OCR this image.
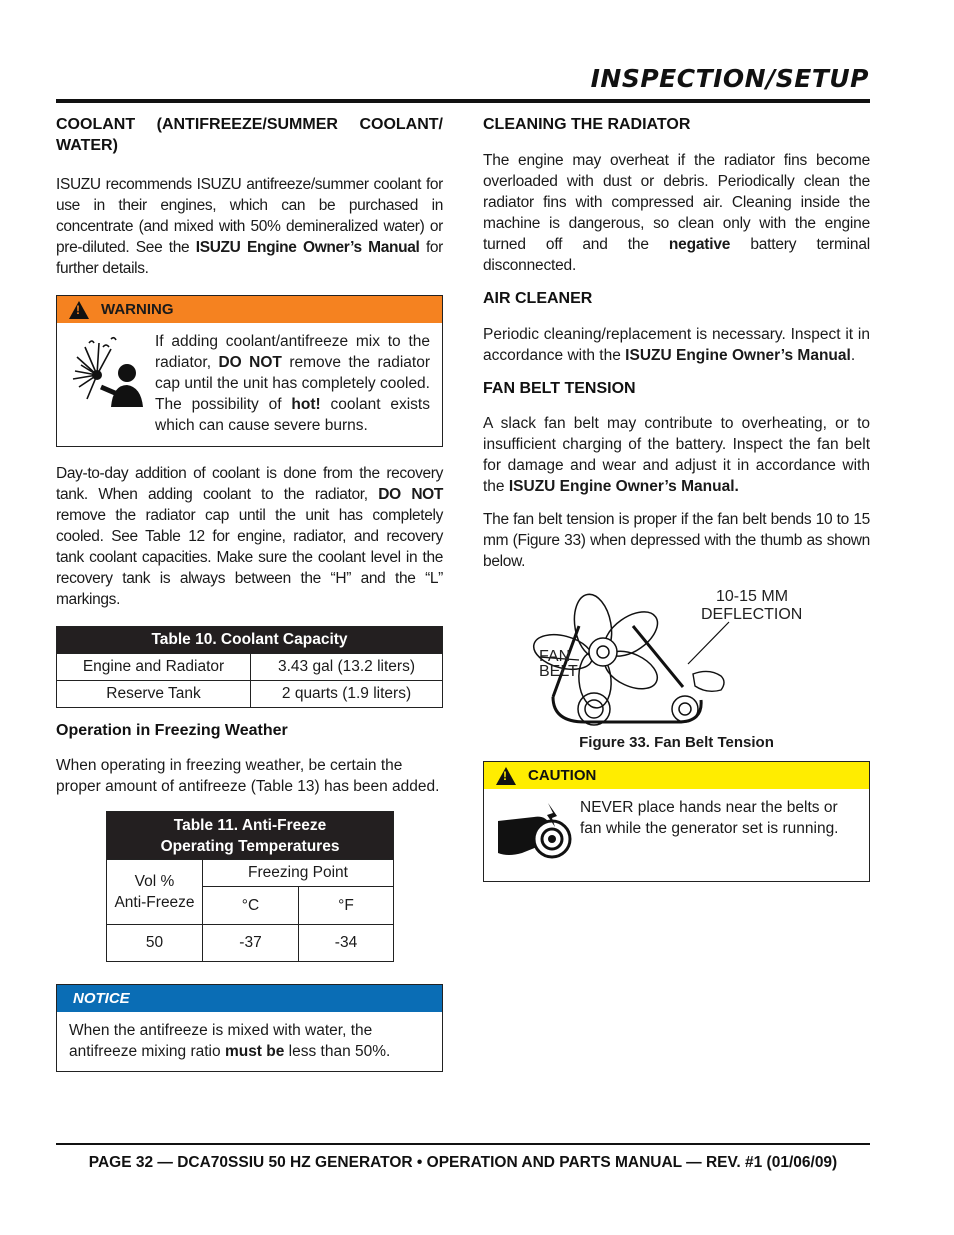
INSPECTION/SETUP
COOLANT (ANTIFREEZE/SUMMER COOLANT/ WATER)

ISUZU recommends ISUZU antifreeze/summer coolant for use in their engines, which can be purchased in concentrate (and mixed with 50% demineralized water) or pre-diluted. See the ISUZU Engine Owner’s Manual for further details.

! WARNING

If adding coolant/antifreeze mix to the radiator, DO NOT remove the radiator cap until the unit has completely cooled. The possibility of hot! coolant exists which can cause severe burns.

Day-to-day addition of coolant is done from the recovery tank. When adding coolant to the radiator, DO NOT remove the radiator cap until the unit has completely cooled. See Table 12 for engine, radiator, and recovery tank coolant capacities. Make sure the coolant level in the recovery tank is always between the “H” and the “L” markings.

Table 10. Coolant Capacity	
Engine and Radiator	3.43 gal (13.2 liters)
Reserve Tank	2 quarts (1.9 liters)
Operation in Freezing Weather

When operating in freezing weather, be certain the proper amount of antifreeze (Table 13) has been added.

Table 11. Anti-Freeze
Operating Temperatures		

Vol %
Anti-Freeze	Freezing Point	
	°C	°F
50	-37	-34
NOTICE

When the antifreeze is mixed with water, the antifreeze mixing ratio must be less than 50%.

CLEANING THE RADIATOR

The engine may overheat if the radiator fins become overloaded with dust or debris. Periodically clean the radiator fins with compressed air. Cleaning inside the machine is dangerous, so clean only with the engine turned off and the negative battery terminal disconnected.

AIR CLEANER

Periodic cleaning/replacement is necessary. Inspect it in accordance with the ISUZU Engine Owner’s Manual.

FAN BELT TENSION

A slack fan belt may contribute to overheating, or to insufficient charging of the battery. Inspect the fan belt for damage and wear and adjust it in accordance with the ISUZU Engine Owner’s Manual.

The fan belt tension is proper if the fan belt bends 10 to 15 mm (Figure 33) when depressed with the thumb as shown below.

10-15 MM
DEFLECTION
FAN
BELT
Figure 33. Fan Belt Tension
! CAUTION

NEVER place hands near the belts or fan while the generator set is running.

PAGE 32 — DCA70SSIU 50 HZ GENERATOR • OPERATION AND PARTS MANUAL — REV. #1 (01/06/09)
